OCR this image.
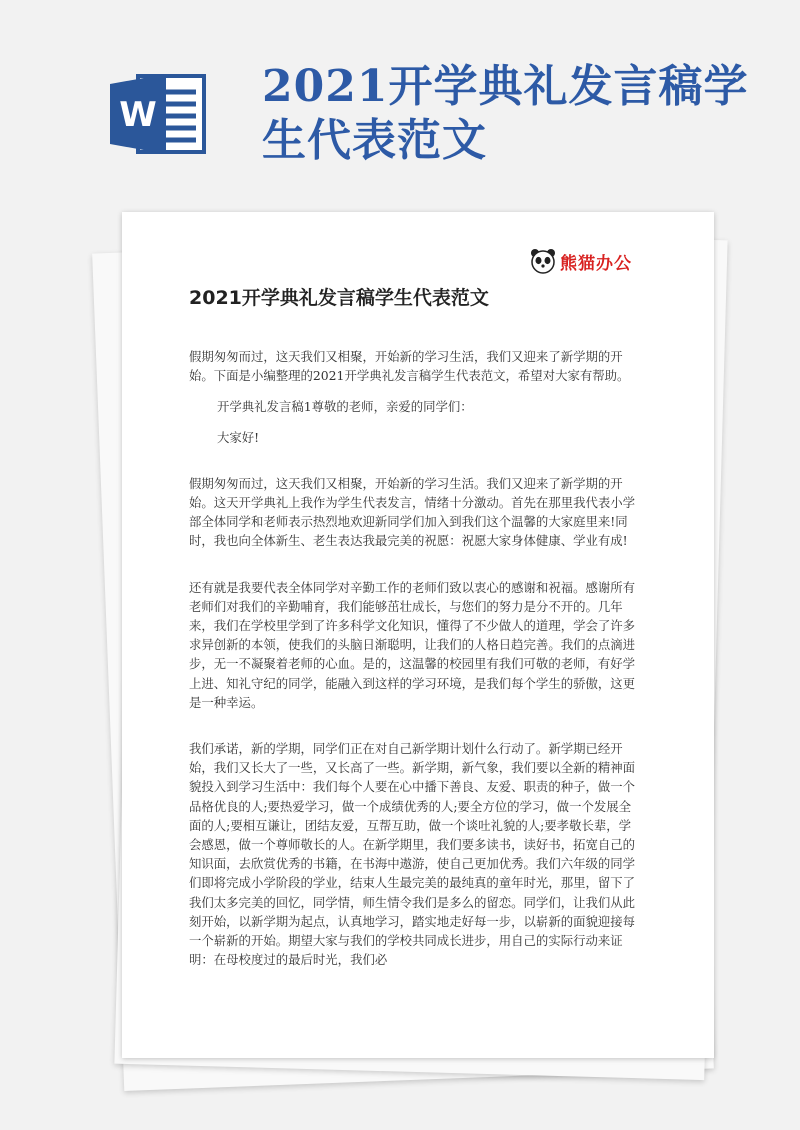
W
2021开学典礼发言稿学生代表范文
熊猫办公
2021开学典礼发言稿学生代表范文

假期匆匆而过，这天我们又相聚，开始新的学习生活，我们又迎来了新学期的开始。下面是小编整理的2021开学典礼发言稿学生代表范文，希望对大家有帮助。

开学典礼发言稿1尊敬的老师，亲爱的同学们：

大家好!

假期匆匆而过，这天我们又相聚，开始新的学习生活。我们又迎来了新学期的开始。这天开学典礼上我作为学生代表发言，情绪十分激动。首先在那里我代表小学部全体同学和老师表示热烈地欢迎新同学们加入到我们这个温馨的大家庭里来!同时，我也向全体新生、老生表达我最完美的祝愿：祝愿大家身体健康、学业有成!

还有就是我要代表全体同学对辛勤工作的老师们致以衷心的感谢和祝福。感谢所有老师们对我们的辛勤哺育，我们能够茁壮成长，与您们的努力是分不开的。几年来，我们在学校里学到了许多科学文化知识，懂得了不少做人的道理，学会了许多求异创新的本领，使我们的头脑日渐聪明，让我们的人格日趋完善。我们的点滴进步，无一不凝聚着老师的心血。是的，这温馨的校园里有我们可敬的老师，有好学上进、知礼守纪的同学，能融入到这样的学习环境，是我们每个学生的骄傲，这更是一种幸运。

我们承诺，新的学期，同学们正在对自己新学期计划什么行动了。新学期已经开始，我们又长大了一些，又长高了一些。新学期，新气象，我们要以全新的精神面貌投入到学习生活中：我们每个人要在心中播下善良、友爱、职责的种子，做一个品格优良的人;要热爱学习，做一个成绩优秀的人;要全方位的学习，做一个发展全面的人;要相互谦让，团结友爱，互帮互助，做一个谈吐礼貌的人;要孝敬长辈，学会感恩，做一个尊师敬长的人。在新学期里，我们要多读书，读好书，拓宽自己的知识面，去欣赏优秀的书籍，在书海中遨游，使自己更加优秀。我们六年级的同学们即将完成小学阶段的学业，结束人生最完美的最纯真的童年时光，那里，留下了我们太多完美的回忆，同学情，师生情令我们是多么的留恋。同学们，让我们从此刻开始，以新学期为起点，认真地学习，踏实地走好每一步，以崭新的面貌迎接每一个崭新的开始。期望大家与我们的学校共同成长进步，用自己的实际行动来证明：在母校度过的最后时光，我们必
